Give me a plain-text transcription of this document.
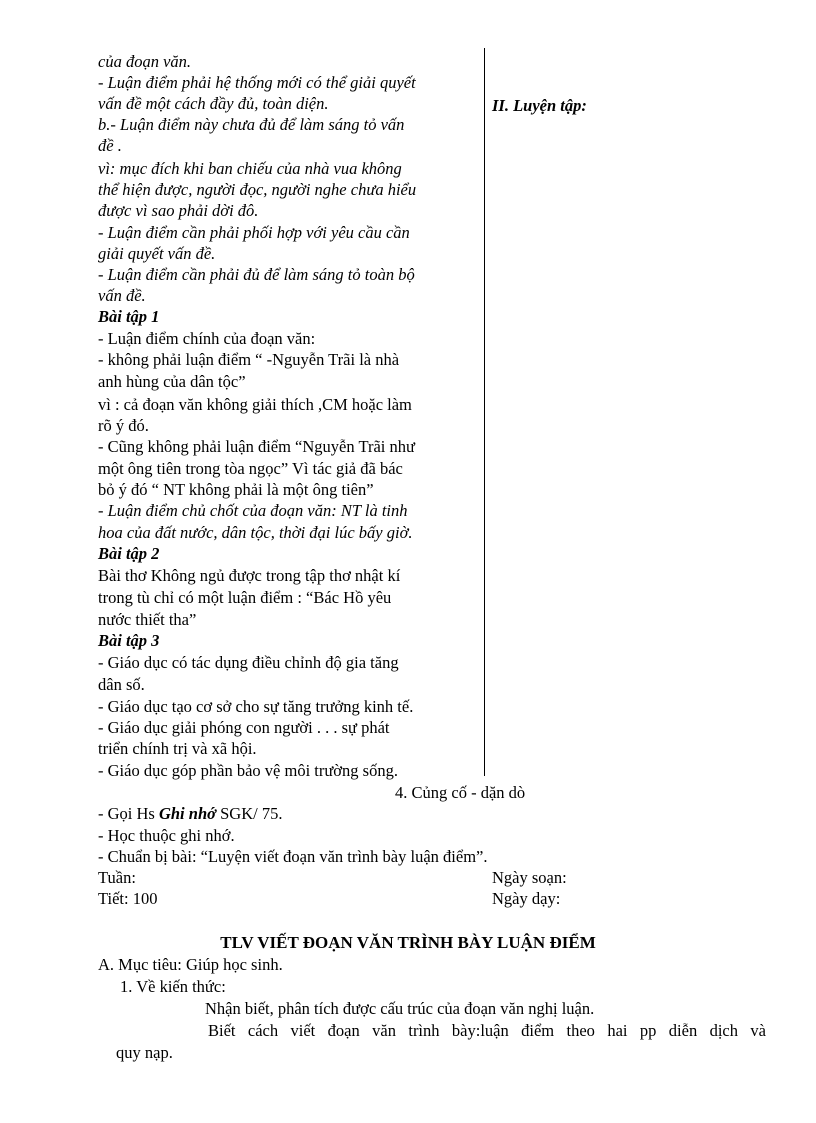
của đoạn văn.
- Luận điểm phải hệ thống mới có thể giải quyết
vấn đề một cách đầy đủ, toàn diện.
b.- Luận điểm này chưa đủ để làm sáng tỏ vấn
đề .
vì: mục đích khi ban chiếu của nhà vua không
thể hiện được, người đọc, người nghe chưa hiểu
được vì sao phải dời đô.
- Luận điểm cần phải phối hợp với yêu cầu cần
giải quyết vấn đề.
- Luận điểm cần phải đủ để làm sáng tỏ toàn bộ
vấn đề.
Bài tập 1
- Luận điểm chính của đoạn văn:
- không phải luận điểm “ -Nguyễn Trãi là nhà
anh hùng của dân tộc”
vì : cả đoạn văn không giải thích ,CM hoặc làm
rõ ý đó.
- Cũng không phải luận điểm “Nguyễn Trãi như
một ông tiên trong tòa ngọc” Vì tác giả đã bác
bỏ ý đó “ NT không phải là một ông tiên”
- Luận điểm chủ chốt của đoạn văn: NT là tinh
hoa của đất nước, dân tộc, thời đại lúc bấy giờ.
Bài tập 2
Bài thơ Không ngủ được trong tập thơ nhật kí
trong tù chỉ có một luận điểm : “Bác Hồ yêu
nước thiết tha”
Bài tập 3
- Giáo dục có tác dụng điều chỉnh độ gia tăng
dân số.
- Giáo dục tạo cơ sở cho sự tăng trưởng kinh tế.
- Giáo dục giải phóng con người . . . sự phát
triển chính trị và xã hội.
- Giáo dục góp phần bảo vệ môi trường sống.
II. Luyện tập:
4. Củng cố - dặn dò
- Gọi Hs Ghi nhớ SGK/ 75.
- Học thuộc ghi nhớ.
- Chuẩn bị bài: “Luyện viết đoạn văn trình bày luận điểm”.
Tuần:	Ngày soạn:
Tiết: 100	Ngày dạy:
TLV VIẾT ĐOẠN VĂN TRÌNH BÀY LUẬN ĐIỂM
A. Mục tiêu: Giúp học sinh.
1. Về kiến thức:
Nhận biết, phân tích được cấu trúc của đoạn văn nghị luận.
Biết cách viết đoạn văn trình bày:luận điểm theo hai pp diễn dịch và
quy nạp.
